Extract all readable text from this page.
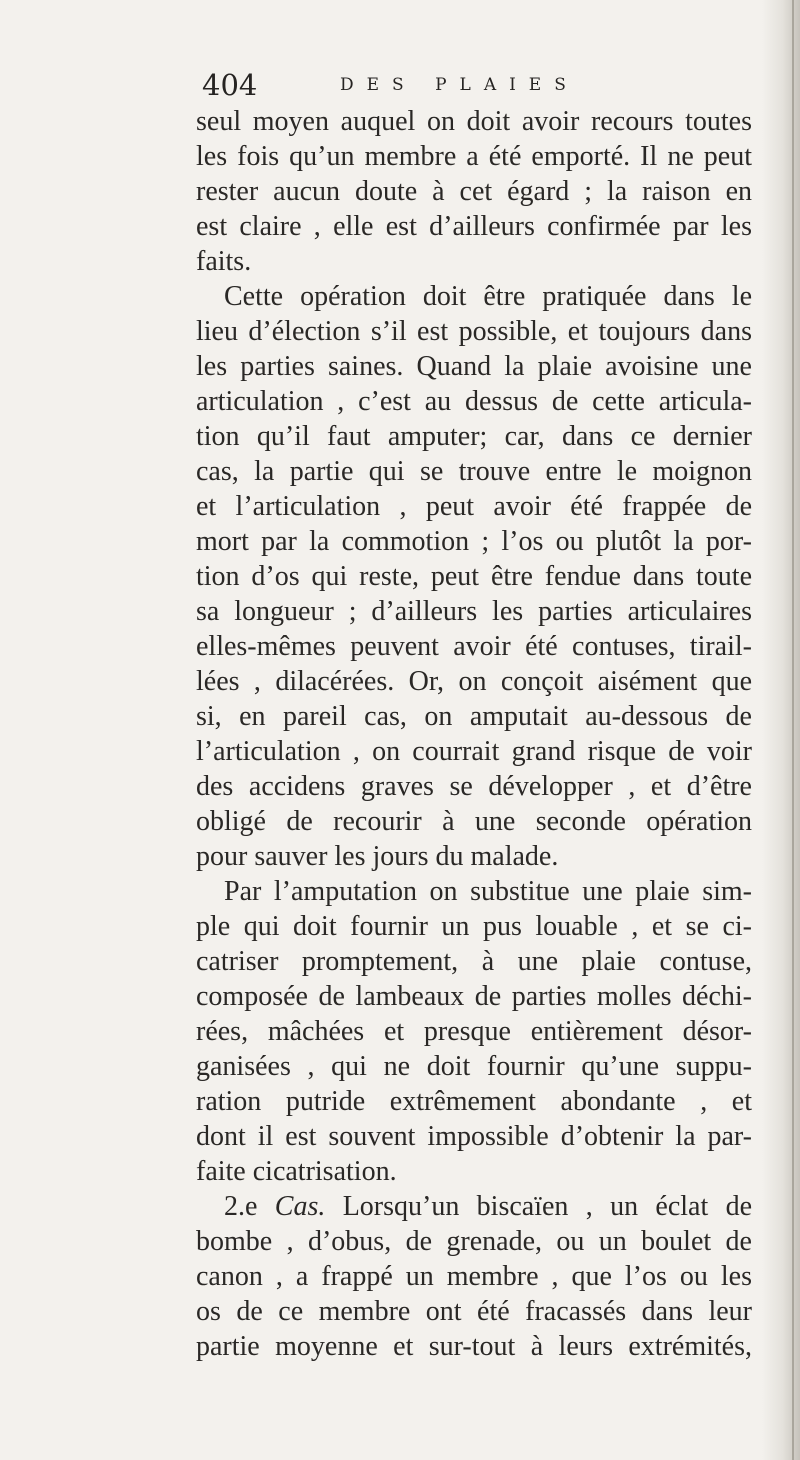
404	DES PLAIES
seul moyen auquel on doit avoir recours toutes
les fois qu’un membre a été emporté. Il ne peut
rester aucun doute à cet égard ; la raison en
est claire , elle est d’ailleurs confirmée par les
faits.
Cette opération doit être pratiquée dans le
lieu d’élection s’il est possible, et toujours dans
les parties saines. Quand la plaie avoisine une
articulation , c’est au dessus de cette articula-
tion qu’il faut amputer; car, dans ce dernier
cas, la partie qui se trouve entre le moignon
et l’articulation , peut avoir été frappée de
mort par la commotion ; l’os ou plutôt la por-
tion d’os qui reste, peut être fendue dans toute
sa longueur ; d’ailleurs les parties articulaires
elles-mêmes peuvent avoir été contuses, tirail-
lées , dilacérées. Or, on conçoit aisément que
si, en pareil cas, on amputait au-dessous de
l’articulation , on courrait grand risque de voir
des accidens graves se développer , et d’être
obligé de recourir à une seconde opération
pour sauver les jours du malade.
Par l’amputation on substitue une plaie sim-
ple qui doit fournir un pus louable , et se ci-
catriser promptement, à une plaie contuse,
composée de lambeaux de parties molles déchi-
rées, mâchées et presque entièrement désor-
ganisées , qui ne doit fournir qu’une suppu-
ration putride extrêmement abondante , et
dont il est souvent impossible d’obtenir la par-
faite cicatrisation.
2.e Cas. Lorsqu’un biscaïen , un éclat de
bombe , d’obus, de grenade, ou un boulet de
canon , a frappé un membre , que l’os ou les
os de ce membre ont été fracassés dans leur
partie moyenne et sur-tout à leurs extrémités,
